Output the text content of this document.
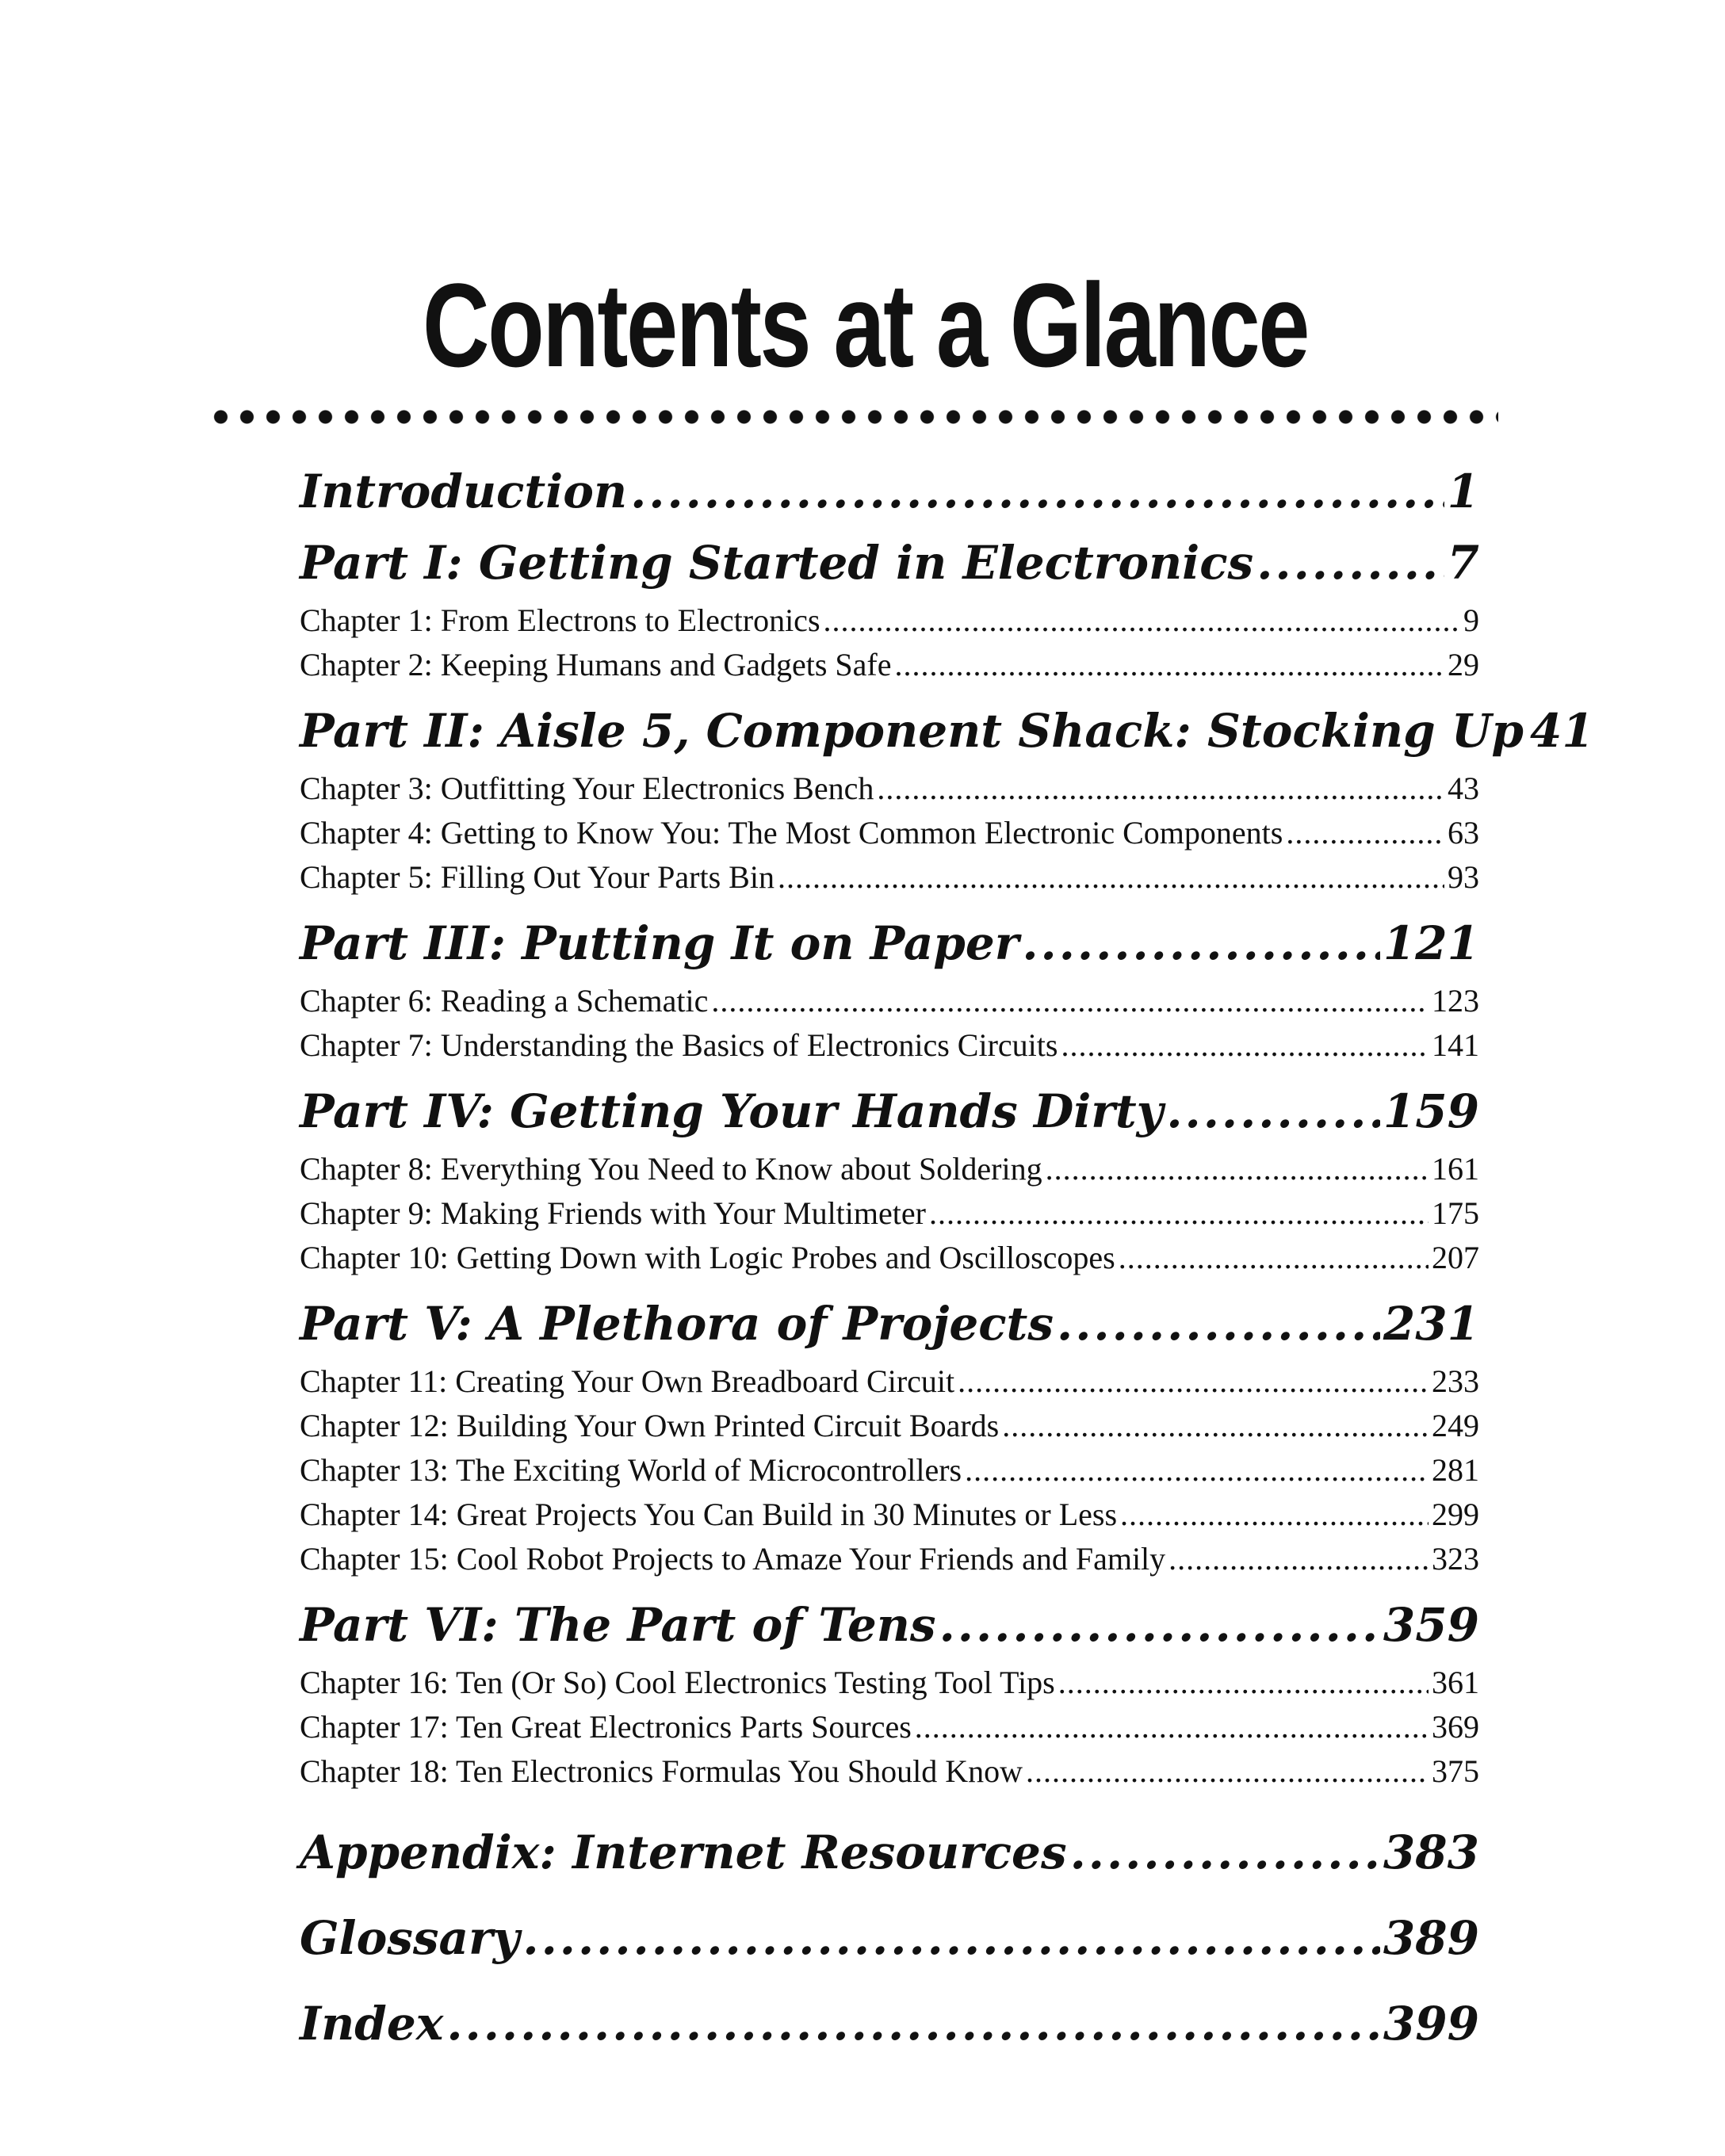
Contents at a Glance
Introduction .....	1
Part I: Getting Started in Electronics .....	7
Chapter 1: From Electrons to Electronics .....	9
Chapter 2: Keeping Humans and Gadgets Safe .....	29
Part II: Aisle 5, Component Shack: Stocking Up 41
Chapter 3: Outfitting Your Electronics Bench .....	43
Chapter 4: Getting to Know You: The Most Common Electronic Components .....	63
Chapter 5: Filling Out Your Parts Bin .....	93
Part III: Putting It on Paper .....	121
Chapter 6: Reading a Schematic .....	123
Chapter 7: Understanding the Basics of Electronics Circuits .....	141
Part IV: Getting Your Hands Dirty .....	159
Chapter 8: Everything You Need to Know about Soldering .....	161
Chapter 9: Making Friends with Your Multimeter .....	175
Chapter 10: Getting Down with Logic Probes and Oscilloscopes .....	207
Part V: A Plethora of Projects .....	231
Chapter 11: Creating Your Own Breadboard Circuit .....	233
Chapter 12: Building Your Own Printed Circuit Boards .....	249
Chapter 13: The Exciting World of Microcontrollers .....	281
Chapter 14: Great Projects You Can Build in 30 Minutes or Less .....	299
Chapter 15: Cool Robot Projects to Amaze Your Friends and Family .....	323
Part VI: The Part of Tens .....	359
Chapter 16: Ten (Or So) Cool Electronics Testing Tool Tips .....	361
Chapter 17: Ten Great Electronics Parts Sources .....	369
Chapter 18: Ten Electronics Formulas You Should Know .....	375
Appendix: Internet Resources .....	383
Glossary .....	389
Index .....	399
